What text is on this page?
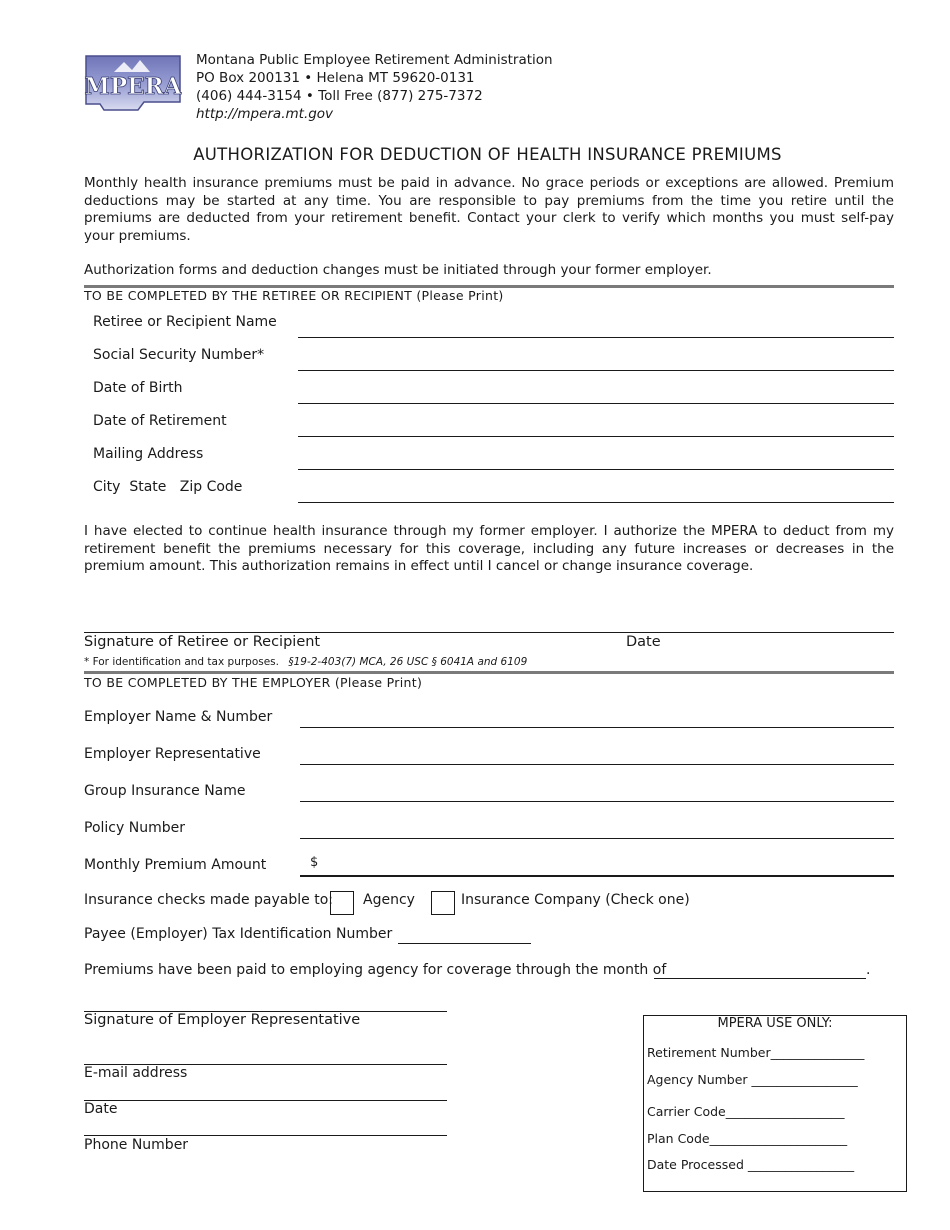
MPERA
Montana Public Employee Retirement Administration
PO Box 200131 • Helena MT 59620-0131
(406) 444-3154 • Toll Free (877) 275-7372
http://mpera.mt.gov
AUTHORIZATION FOR DEDUCTION OF HEALTH INSURANCE PREMIUMS
Monthly health insurance premiums must be paid in advance. No grace periods or exceptions are allowed. Premium deductions may be started at any time. You are responsible to pay premiums from the time you retire until the premiums are deducted from your retirement benefit. Contact your clerk to verify which months you must self-pay your premiums.
Authorization forms and deduction changes must be initiated through your former employer.
TO BE COMPLETED BY THE RETIREE OR RECIPIENT (Please Print)
Retiree or Recipient Name
Social Security Number*
Date of Birth
Date of Retirement
Mailing Address
City  State   Zip Code
I have elected to continue health insurance through my former employer. I authorize the MPERA to deduct from my retirement benefit the premiums necessary for this coverage, including any future increases or decreases in the premium amount. This authorization remains in effect until I cancel or change insurance coverage.
Signature of Retiree or Recipient	Date
* For identification and tax purposes. §19-2-403(7) MCA, 26 USC § 6041A and 6109
TO BE COMPLETED BY THE EMPLOYER (Please Print)
Employer Name & Number
Employer Representative
Group Insurance Name
Policy Number
Monthly Premium Amount	$
Insurance checks made payable to: Agency	Insurance Company (Check one)
Payee (Employer) Tax Identification Number
Premiums have been paid to employing agency for coverage through the month of	.
Signature of Employer Representative
E-mail address
Date
Phone Number
MPERA USE ONLY:
Retirement Number_______________
Agency Number _________________
Carrier Code___________________
Plan Code______________________
Date Processed _________________
